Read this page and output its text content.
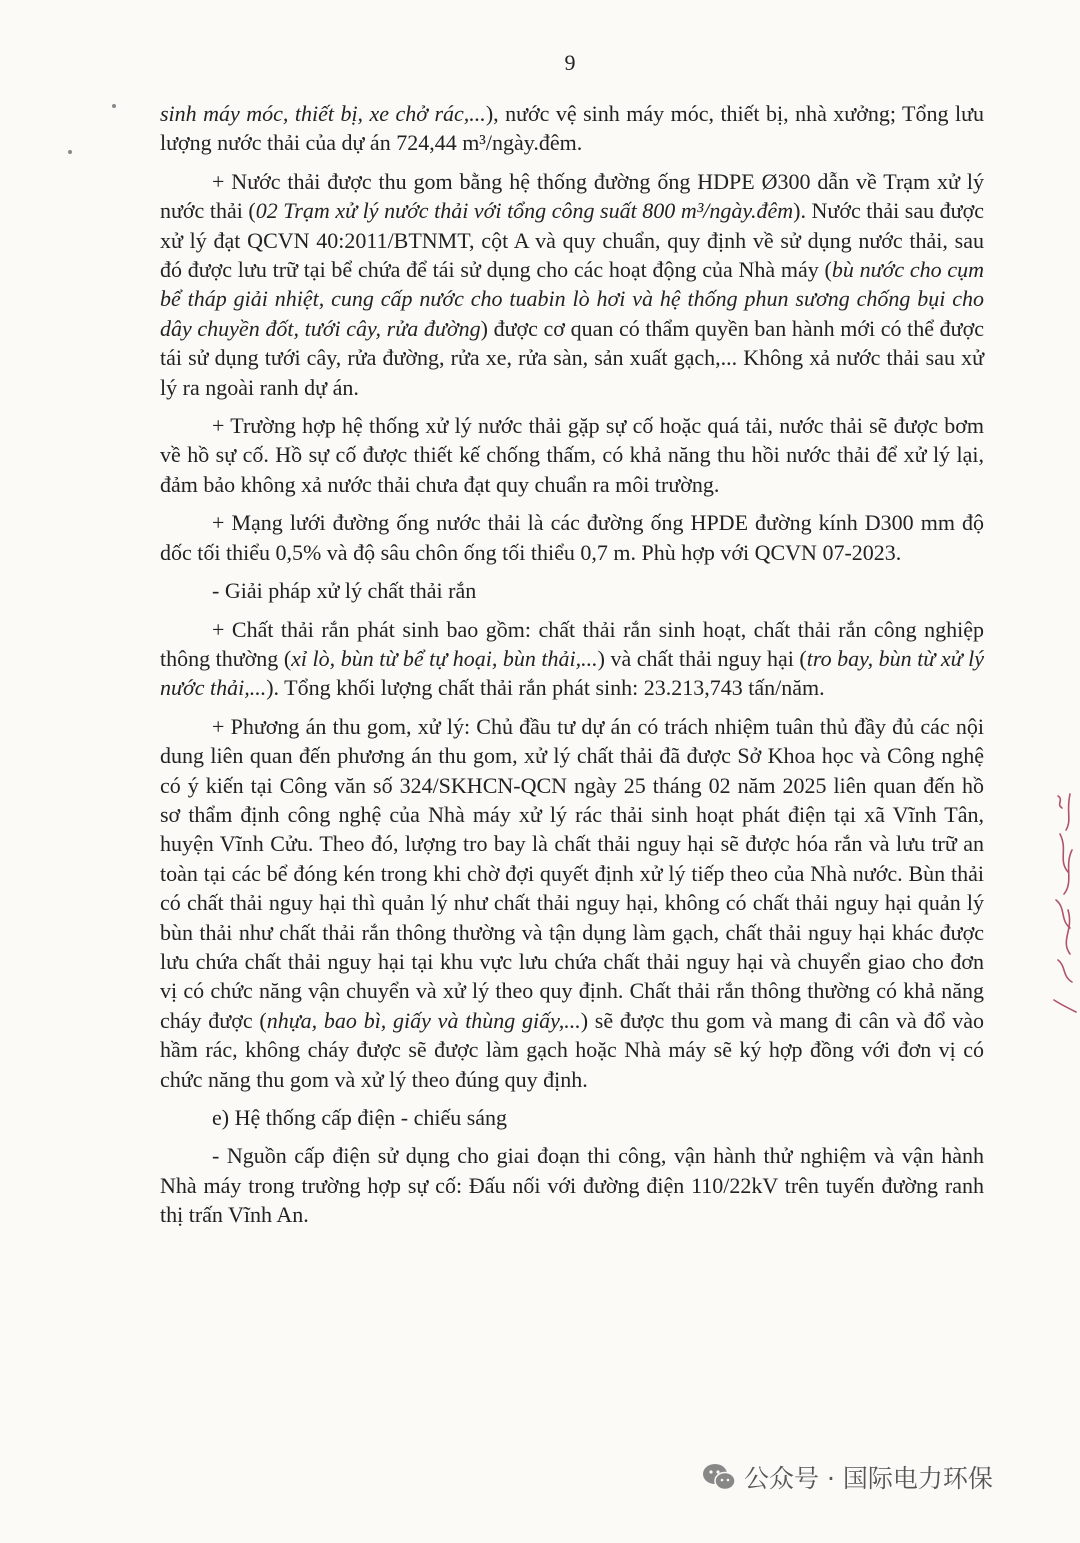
9

sinh máy móc, thiết bị, xe chở rác,...), nước vệ sinh máy móc, thiết bị, nhà xưởng; Tổng lưu lượng nước thải của dự án 724,44 m³/ngày.đêm.

+ Nước thải được thu gom bằng hệ thống đường ống HDPE Ø300 dẫn về Trạm xử lý nước thải (02 Trạm xử lý nước thải với tổng công suất 800 m³/ngày.đêm). Nước thải sau được xử lý đạt QCVN 40:2011/BTNMT, cột A và quy chuẩn, quy định về sử dụng nước thải, sau đó được lưu trữ tại bể chứa để tái sử dụng cho các hoạt động của Nhà máy (bù nước cho cụm bể tháp giải nhiệt, cung cấp nước cho tuabin lò hơi và hệ thống phun sương chống bụi cho dây chuyền đốt, tưới cây, rửa đường) được cơ quan có thẩm quyền ban hành mới có thể được tái sử dụng tưới cây, rửa đường, rửa xe, rửa sàn, sản xuất gạch,... Không xả nước thải sau xử lý ra ngoài ranh dự án.

+ Trường hợp hệ thống xử lý nước thải gặp sự cố hoặc quá tải, nước thải sẽ được bơm về hồ sự cố. Hồ sự cố được thiết kế chống thấm, có khả năng thu hồi nước thải để xử lý lại, đảm bảo không xả nước thải chưa đạt quy chuẩn ra môi trường.

+ Mạng lưới đường ống nước thải là các đường ống HPDE đường kính D300 mm độ dốc tối thiểu 0,5% và độ sâu chôn ống tối thiểu 0,7 m. Phù hợp với QCVN 07-2023.

- Giải pháp xử lý chất thải rắn

+ Chất thải rắn phát sinh bao gồm: chất thải rắn sinh hoạt, chất thải rắn công nghiệp thông thường (xỉ lò, bùn từ bể tự hoại, bùn thải,...) và chất thải nguy hại (tro bay, bùn từ xử lý nước thải,...). Tổng khối lượng chất thải rắn phát sinh: 23.213,743 tấn/năm.

+ Phương án thu gom, xử lý: Chủ đầu tư dự án có trách nhiệm tuân thủ đầy đủ các nội dung liên quan đến phương án thu gom, xử lý chất thải đã được Sở Khoa học và Công nghệ có ý kiến tại Công văn số 324/SKHCN-QCN ngày 25 tháng 02 năm 2025 liên quan đến hồ sơ thẩm định công nghệ của Nhà máy xử lý rác thải sinh hoạt phát điện tại xã Vĩnh Tân, huyện Vĩnh Cửu. Theo đó, lượng tro bay là chất thải nguy hại sẽ được hóa rắn và lưu trữ an toàn tại các bể đóng kén trong khi chờ đợi quyết định xử lý tiếp theo của Nhà nước. Bùn thải có chất thải nguy hại thì quản lý như chất thải nguy hại, không có chất thải nguy hại quản lý bùn thải như chất thải rắn thông thường và tận dụng làm gạch, chất thải nguy hại khác được lưu chứa chất thải nguy hại tại khu vực lưu chứa chất thải nguy hại và chuyển giao cho đơn vị có chức năng vận chuyển và xử lý theo quy định. Chất thải rắn thông thường có khả năng cháy được (nhựa, bao bì, giấy và thùng giấy,...) sẽ được thu gom và mang đi cân và đổ vào hầm rác, không cháy được sẽ được làm gạch hoặc Nhà máy sẽ ký hợp đồng với đơn vị có chức năng thu gom và xử lý theo đúng quy định.

e) Hệ thống cấp điện - chiếu sáng

- Nguồn cấp điện sử dụng cho giai đoạn thi công, vận hành thử nghiệm và vận hành Nhà máy trong trường hợp sự cố: Đấu nối với đường điện 110/22kV trên tuyến đường ranh thị trấn Vĩnh An.

公众号 · 国际电力环保
